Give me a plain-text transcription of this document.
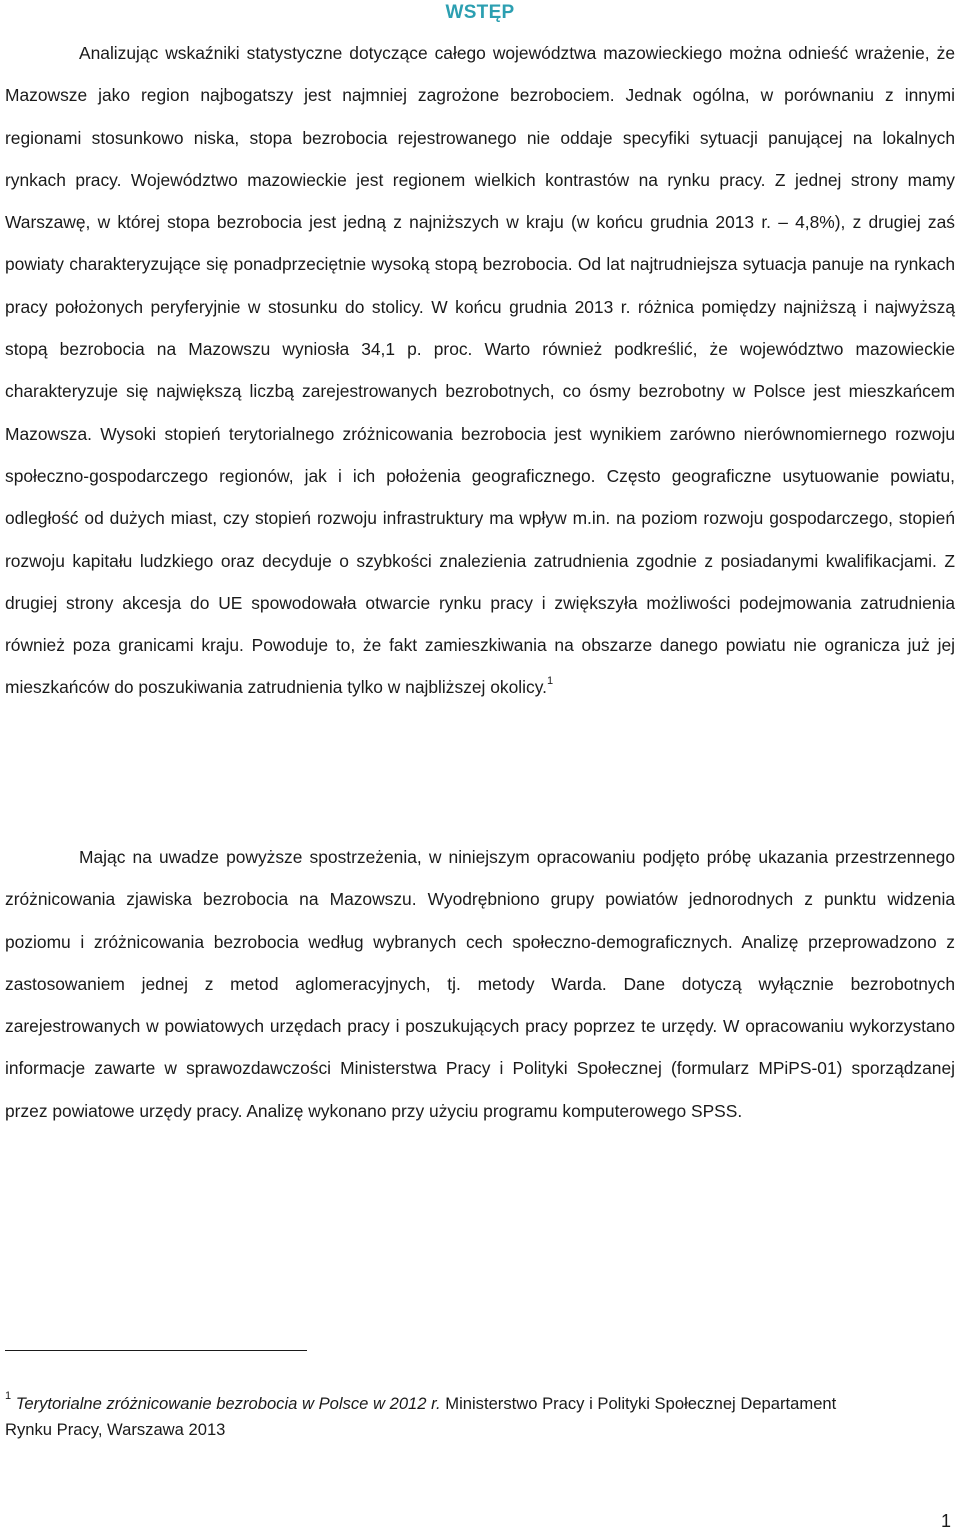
WSTĘP

Analizując wskaźniki statystyczne dotyczące całego województwa mazowieckiego można odnieść wrażenie, że Mazowsze jako region najbogatszy jest najmniej zagrożone bezrobociem. Jednak ogólna, w porównaniu z innymi regionami stosunkowo niska, stopa bezrobocia rejestrowanego nie oddaje specyfiki sytuacji panującej na lokalnych rynkach pracy. Województwo mazowieckie jest regionem wielkich kontrastów na rynku pracy. Z jednej strony mamy Warszawę, w której stopa bezrobocia jest jedną z najniższych w kraju (w końcu grudnia 2013 r. – 4,8%), z drugiej zaś powiaty charakteryzujące się ponadprzeciętnie wysoką stopą bezrobocia. Od lat najtrudniejsza sytuacja panuje na rynkach pracy położonych peryferyjnie w stosunku do stolicy. W końcu grudnia 2013 r. różnica pomiędzy najniższą i najwyższą stopą bezrobocia na Mazowszu wyniosła 34,1 p. proc. Warto również podkreślić, że województwo mazowieckie charakteryzuje się największą liczbą zarejestrowanych bezrobotnych, co ósmy bezrobotny w Polsce jest mieszkańcem Mazowsza. Wysoki stopień terytorialnego zróżnicowania bezrobocia jest wynikiem zarówno nierównomiernego rozwoju społeczno-gospodarczego regionów, jak i ich położenia geograficznego. Często geograficzne usytuowanie powiatu, odległość od dużych miast, czy stopień rozwoju infrastruktury ma wpływ m.in. na poziom rozwoju gospodarczego, stopień rozwoju kapitału ludzkiego oraz decyduje o szybkości znalezienia zatrudnienia zgodnie z posiadanymi kwalifikacjami. Z drugiej strony akcesja do UE spowodowała otwarcie rynku pracy i zwiększyła możliwości podejmowania zatrudnienia również poza granicami kraju. Powoduje to, że fakt zamieszkiwania na obszarze danego powiatu nie ogranicza już jej mieszkańców do poszukiwania zatrudnienia tylko w najbliższej okolicy.$^1$

Mając na uwadze powyższe spostrzeżenia, w niniejszym opracowaniu podjęto próbę ukazania przestrzennego zróżnicowania zjawiska bezrobocia na Mazowszu. Wyodrębniono grupy powiatów jednorodnych z punktu widzenia poziomu i zróżnicowania bezrobocia według wybranych cech społeczno-demograficznych. Analizę przeprowadzono z zastosowaniem jednej z metod aglomeracyjnych, tj. metody Warda. Dane dotyczą wyłącznie bezrobotnych zarejestrowanych w powiatowych urzędach pracy i poszukujących pracy poprzez te urzędy. W opracowaniu wykorzystano informacje zawarte w sprawozdawczości Ministerstwa Pracy i Polityki Społecznej (formularz MPiPS-01) sporządzanej przez powiatowe urzędy pracy. Analizę wykonano przy użyciu programu komputerowego SPSS.

$^1$ Terytorialne zróżnicowanie bezrobocia w Polsce w 2012 r. Ministerstwo Pracy i Polityki Społecznej Departament Rynku Pracy, Warszawa 2013
1
